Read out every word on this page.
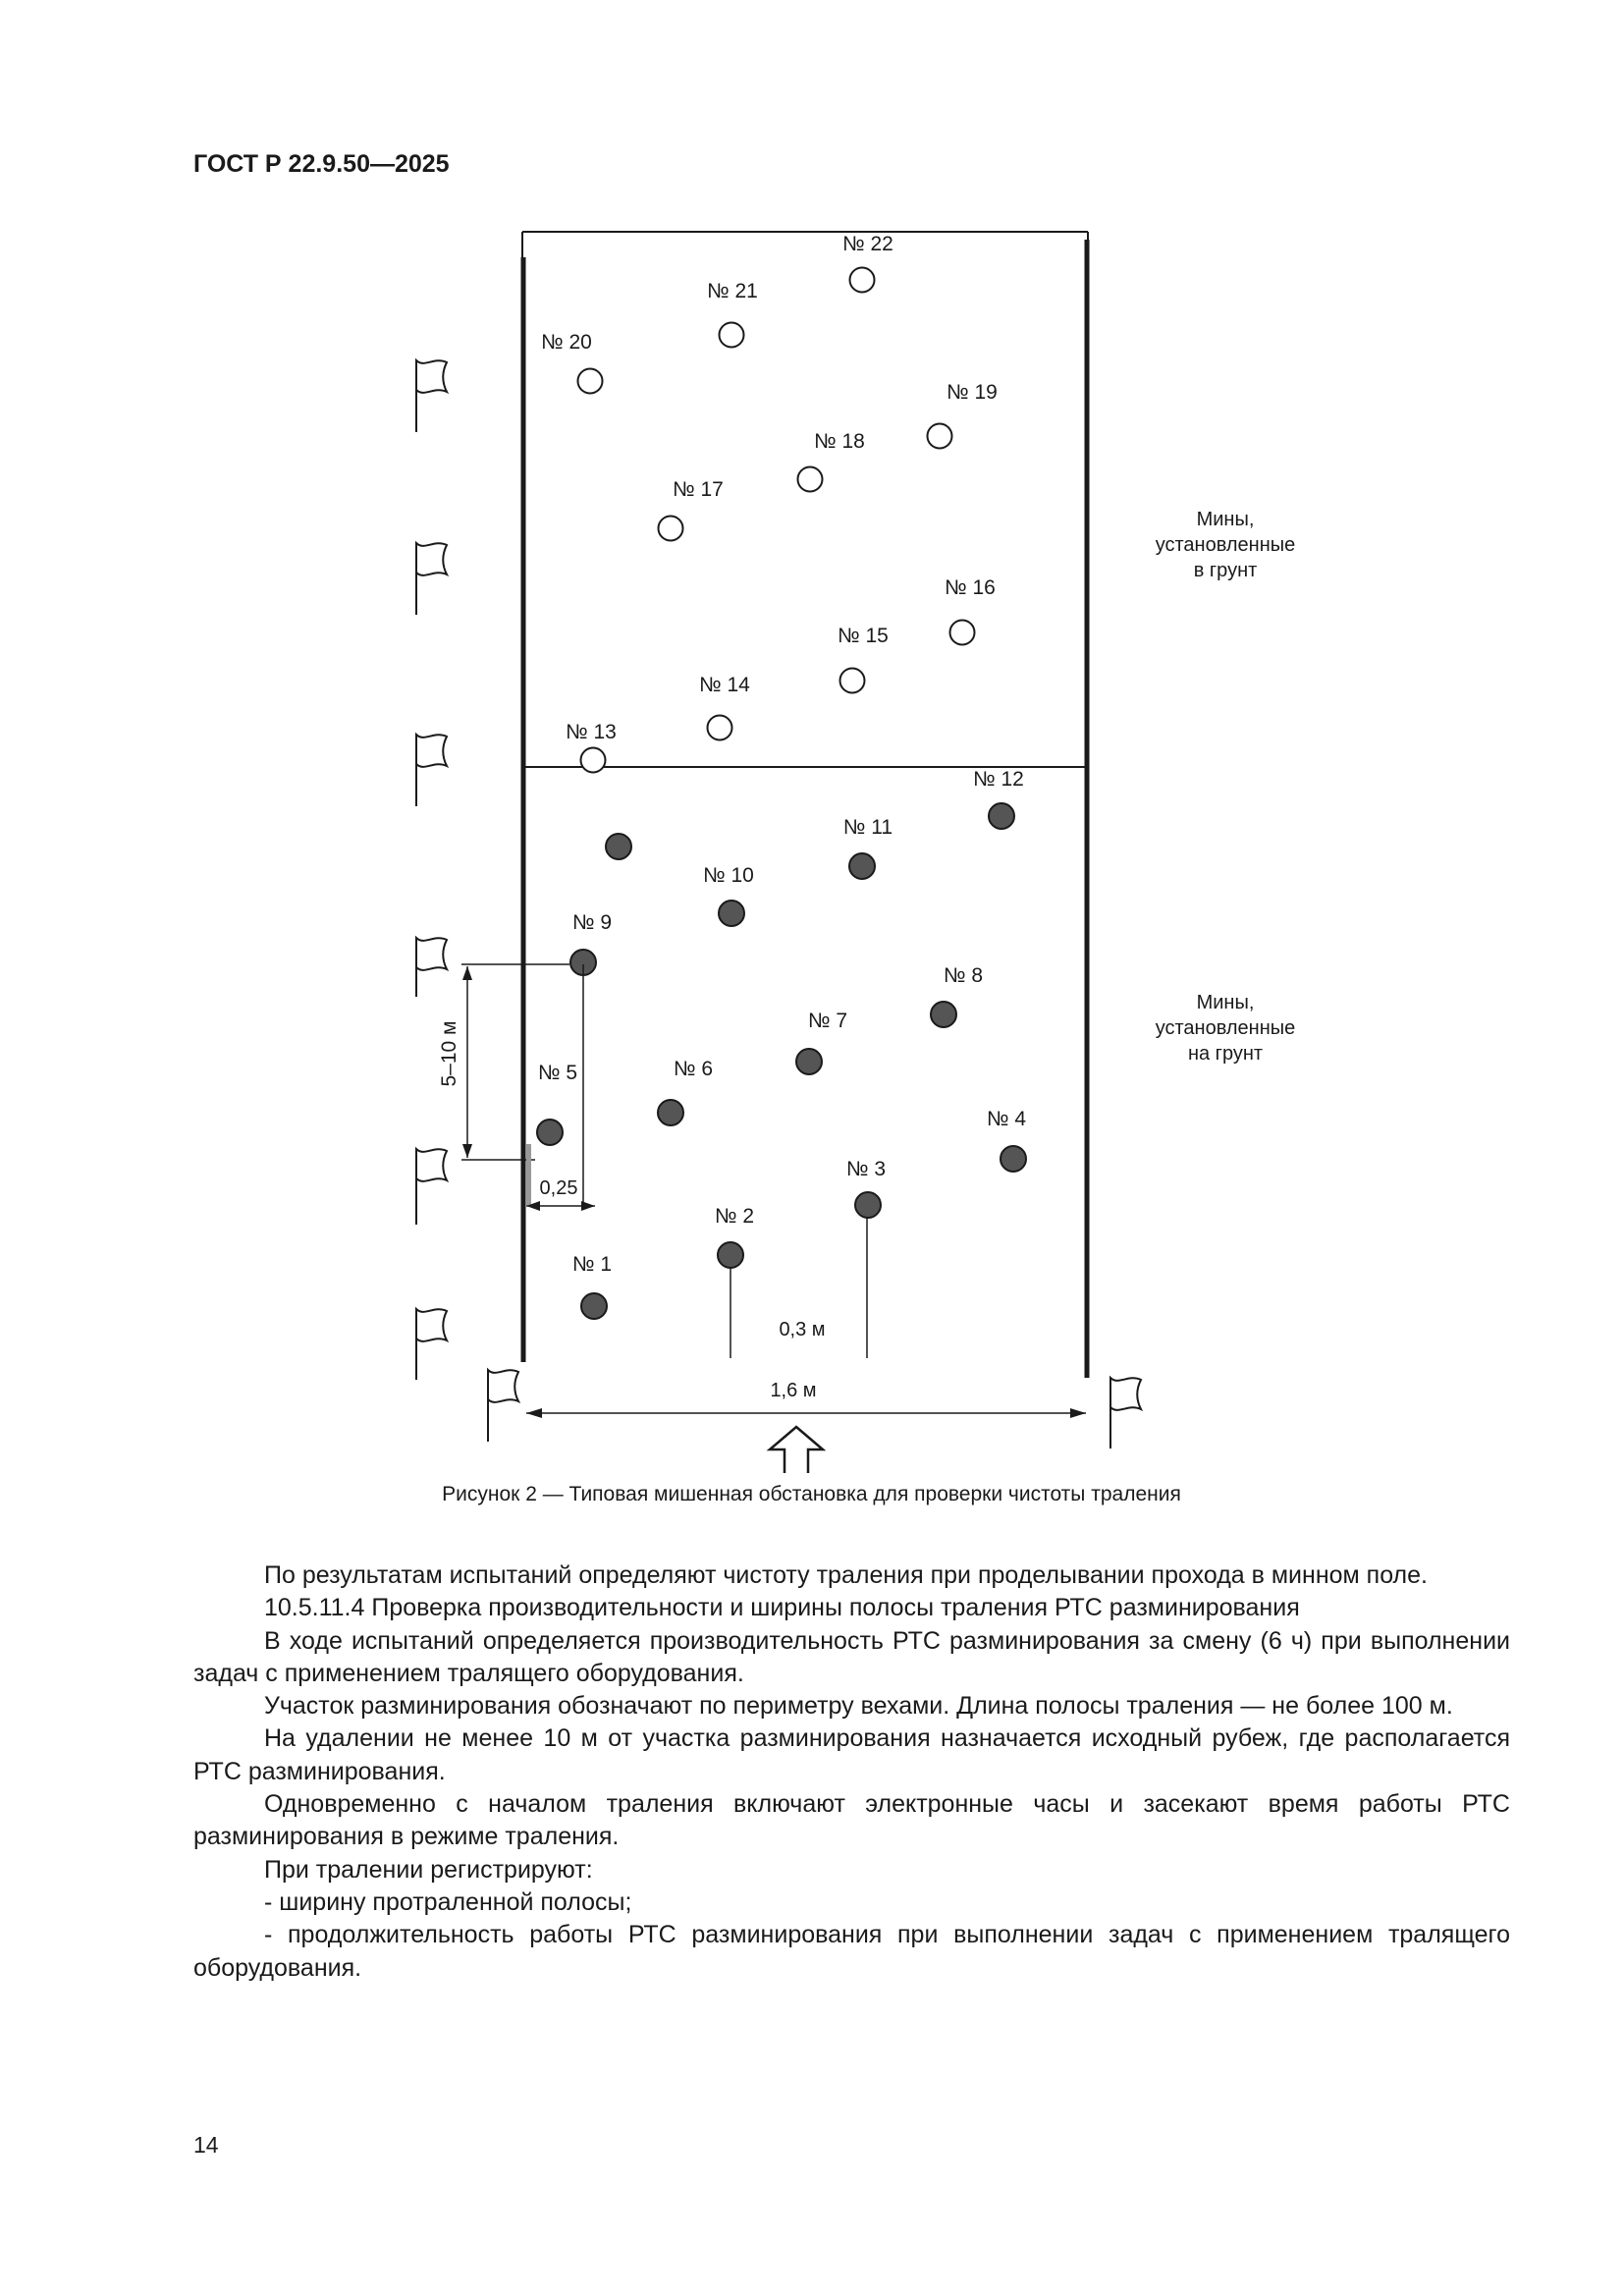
ГОСТ Р 22.9.50—2025
№ 1
№ 2
№ 3
№ 4
№ 5	№ 6
№ 7
№ 8
№ 9
№ 10
№ 11
№ 12
№ 13
№ 14
№ 15
№ 16
№ 17
№ 18
№ 19
№ 20
№ 21
№ 22
5–10 м
0,25
0,3 м
1,6 м
Мины,
установленные
в грунт
Мины,
установленные
на грунт
Рисунок 2 — Типовая мишенная обстановка для проверки чистоты траления

По результатам испытаний определяют чистоту траления при проделывании прохода в минном поле.

10.5.11.4 Проверка производительности и ширины полосы траления РТС разминирования

В ходе испытаний определяется производительность РТС разминирования за смену (6 ч) при выполнении задач с применением тралящего оборудования.

Участок разминирования обозначают по периметру вехами. Длина полосы траления — не более 100 м.

На удалении не менее 10 м от участка разминирования назначается исходный рубеж, где располагается РТС разминирования.

Одновременно с началом траления включают электронные часы и засекают время работы РТС разминирования в режиме траления.

При тралении регистрируют:

- ширину протраленной полосы;

- продолжительность работы РТС разминирования при выполнении задач с применением тралящего оборудования.

14
